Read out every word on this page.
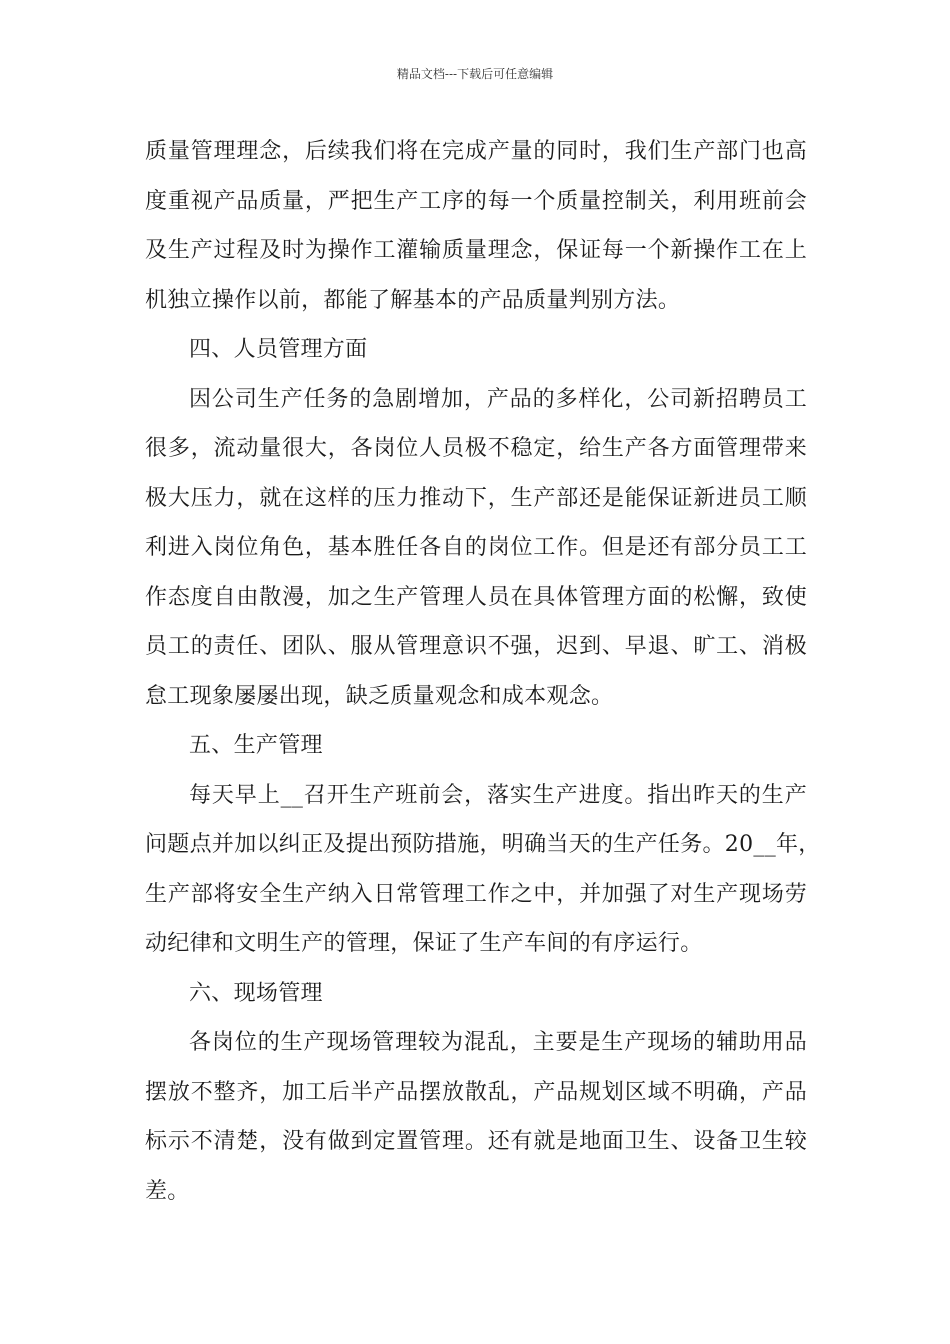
精品文档---下载后可任意编辑
质量管理理念，后续我们将在完成产量的同时，我们生产部门也高
度重视产品质量，严把生产工序的每一个质量控制关，利用班前会
及生产过程及时为操作工灌输质量理念，保证每一个新操作工在上
机独立操作以前，都能了解基本的产品质量判别方法。
四、人员管理方面
因公司生产任务的急剧增加，产品的多样化，公司新招聘员工
很多，流动量很大，各岗位人员极不稳定，给生产各方面管理带来
极大压力，就在这样的压力推动下，生产部还是能保证新进员工顺
利进入岗位角色，基本胜任各自的岗位工作。但是还有部分员工工
作态度自由散漫，加之生产管理人员在具体管理方面的松懈，致使
员工的责任、团队、服从管理意识不强，迟到、早退、旷工、消极
怠工现象屡屡出现，缺乏质量观念和成本观念。
五、生产管理
每天早上__召开生产班前会，落实生产进度。指出昨天的生产
问题点并加以纠正及提出预防措施，明确当天的生产任务。20__年，
生产部将安全生产纳入日常管理工作之中，并加强了对生产现场劳
动纪律和文明生产的管理，保证了生产车间的有序运行。
六、现场管理
各岗位的生产现场管理较为混乱，主要是生产现场的辅助用品
摆放不整齐，加工后半产品摆放散乱，产品规划区域不明确，产品
标示不清楚，没有做到定置管理。还有就是地面卫生、设备卫生较
差。
